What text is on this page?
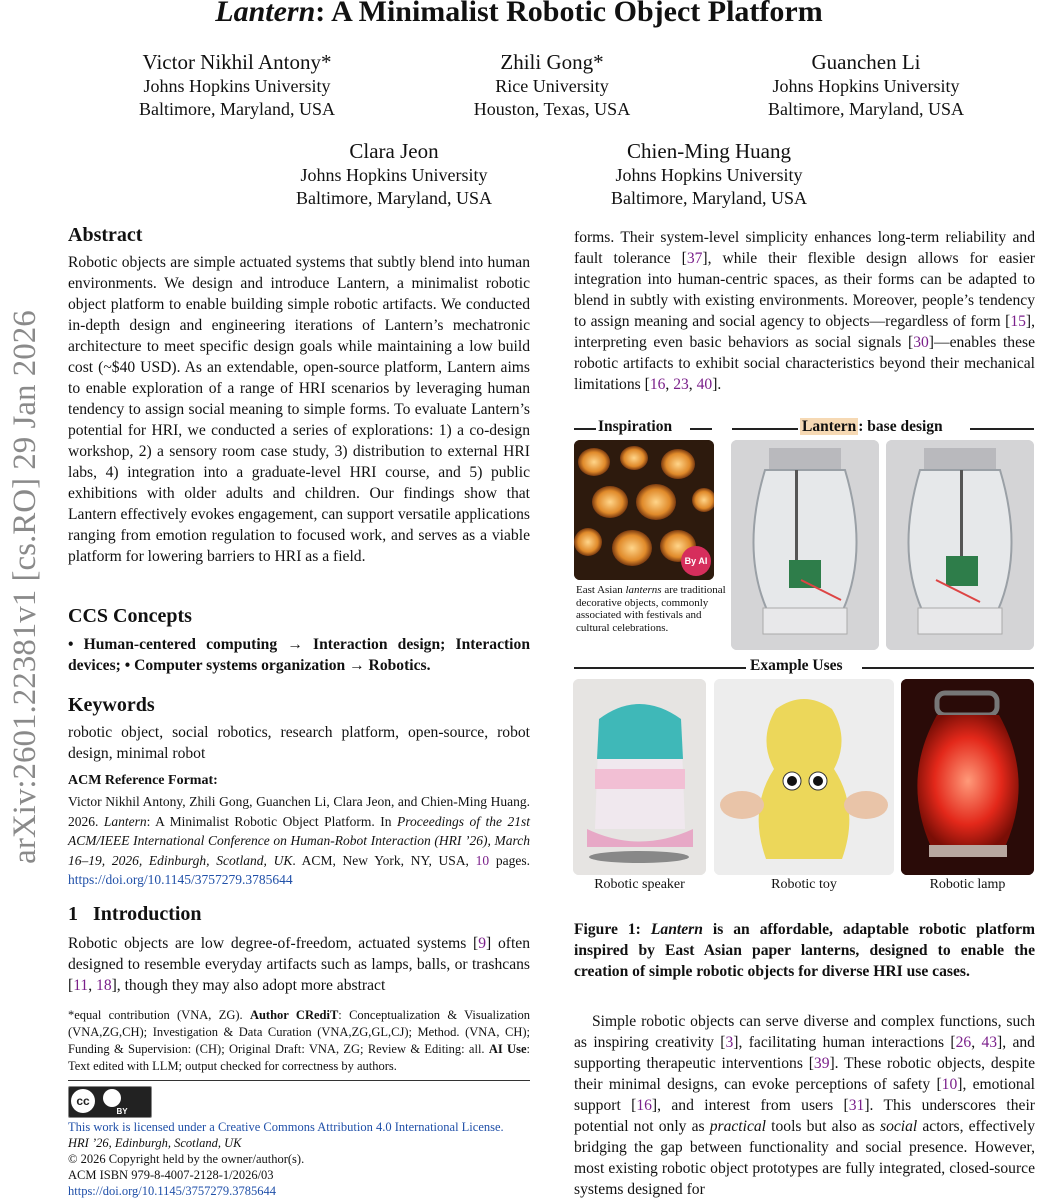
Lantern: A Minimalist Robotic Object Platform
Victor Nikhil Antony*
Johns Hopkins University
Baltimore, Maryland, USA
Zhili Gong*
Rice University
Houston, Texas, USA
Guanchen Li
Johns Hopkins University
Baltimore, Maryland, USA
Clara Jeon
Johns Hopkins University
Baltimore, Maryland, USA
Chien-Ming Huang
Johns Hopkins University
Baltimore, Maryland, USA
arXiv:2601.22381v1 [cs.RO] 29 Jan 2026
Abstract
Robotic objects are simple actuated systems that subtly blend into human environments. We design and introduce Lantern, a minimalist robotic object platform to enable building simple robotic artifacts. We conducted in-depth design and engineering iterations of Lantern’s mechatronic architecture to meet specific design goals while maintaining a low build cost (~$40 USD). As an extendable, open-source platform, Lantern aims to enable exploration of a range of HRI scenarios by leveraging human tendency to assign social meaning to simple forms. To evaluate Lantern’s potential for HRI, we conducted a series of explorations: 1) a co-design workshop, 2) a sensory room case study, 3) distribution to external HRI labs, 4) integration into a graduate-level HRI course, and 5) public exhibitions with older adults and children. Our findings show that Lantern effectively evokes engagement, can support versatile applications ranging from emotion regulation to focused work, and serves as a viable platform for lowering barriers to HRI as a field.
CCS Concepts
• Human-centered computing → Interaction design; Interaction devices; • Computer systems organization → Robotics.
Keywords
robotic object, social robotics, research platform, open-source, robot design, minimal robot
ACM Reference Format:
Victor Nikhil Antony, Zhili Gong, Guanchen Li, Clara Jeon, and Chien-Ming Huang. 2026. Lantern: A Minimalist Robotic Object Platform. In Proceedings of the 21st ACM/IEEE International Conference on Human-Robot Interaction (HRI ’26), March 16–19, 2026, Edinburgh, Scotland, UK. ACM, New York, NY, USA, 10 pages. https://doi.org/10.1145/3757279.3785644
1 Introduction
Robotic objects are low degree-of-freedom, actuated systems [9] often designed to resemble everyday artifacts such as lamps, balls, or trashcans [11, 18], though they may also adopt more abstract
*equal contribution (VNA, ZG). Author CRediT: Conceptualization & Visualization (VNA,ZG,CH); Investigation & Data Curation (VNA,ZG,GL,CJ); Method. (VNA, CH); Funding & Supervision: (CH); Original Draft: VNA, ZG; Review & Editing: all. AI Use: Text edited with LLM; output checked for correctness by authors.
cc
BY
This work is licensed under a Creative Commons Attribution 4.0 International License.
HRI ’26, Edinburgh, Scotland, UK
© 2026 Copyright held by the owner/author(s).
ACM ISBN 979-8-4007-2128-1/2026/03
https://doi.org/10.1145/3757279.3785644
forms. Their system-level simplicity enhances long-term reliability and fault tolerance [37], while their flexible design allows for easier integration into human-centric spaces, as their forms can be adapted to blend in subtly with existing environments. Moreover, people’s tendency to assign meaning and social agency to objects—regardless of form [15], interpreting even basic behaviors as social signals [30]—enables these robotic artifacts to exhibit social characteristics beyond their mechanical limitations [16, 23, 40].
Inspiration	Lantern : base design
By AI
East Asian lanterns are traditional decorative objects, commonly associated with festivals and cultural celebrations.
Example Uses
Robotic speaker	Robotic toy	Robotic lamp
Figure 1: Lantern is an affordable, adaptable robotic platform inspired by East Asian paper lanterns, designed to enable the creation of simple robotic objects for diverse HRI use cases.
Simple robotic objects can serve diverse and complex functions, such as inspiring creativity [3], facilitating human interactions [26, 43], and supporting therapeutic interventions [39]. These robotic objects, despite their minimal designs, can evoke perceptions of safety [10], emotional support [16], and interest from users [31]. This underscores their potential not only as practical tools but also as social actors, effectively bridging the gap between functionality and social presence. However, most existing robotic object prototypes are fully integrated, closed-source systems designed for
